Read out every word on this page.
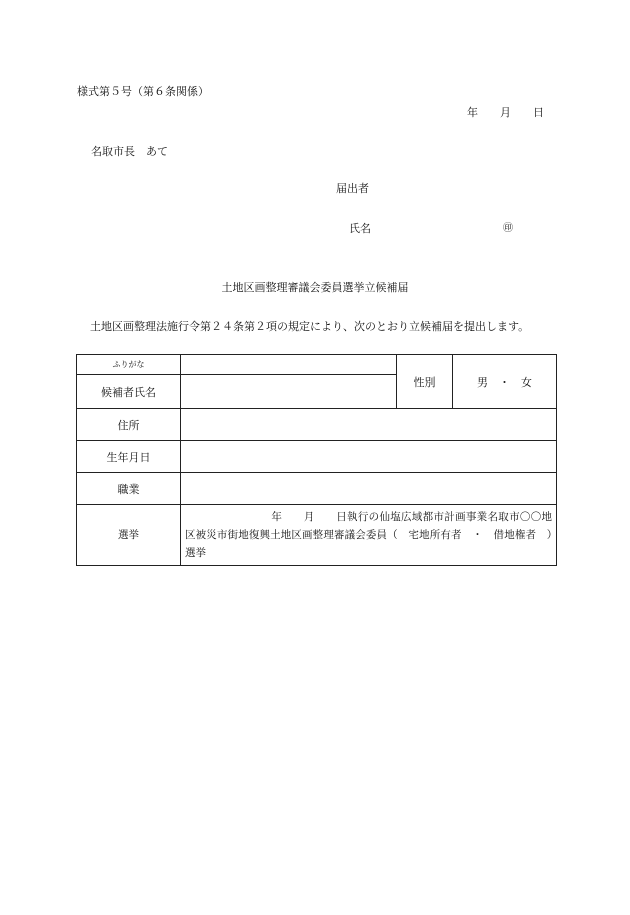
様式第５号（第６条関係）
年　　月　　日
名取市長　あて
届出者
氏名	㊞
土地区画整理審議会委員選挙立候補届
土地区画整理法施行令第２４条第２項の規定により、次のとおり立候補届を提出します。
ふりがな		性別	男　・　女
候補者氏名			
住所			
生年月日			
職業			
選挙	　　　　　　　　年　　月　　日執行の仙塩広域都市計画事業名取市〇〇地区被災市街地復興土地区画整理審議会委員（　宅地所有者　・　借地権者　）選挙		
